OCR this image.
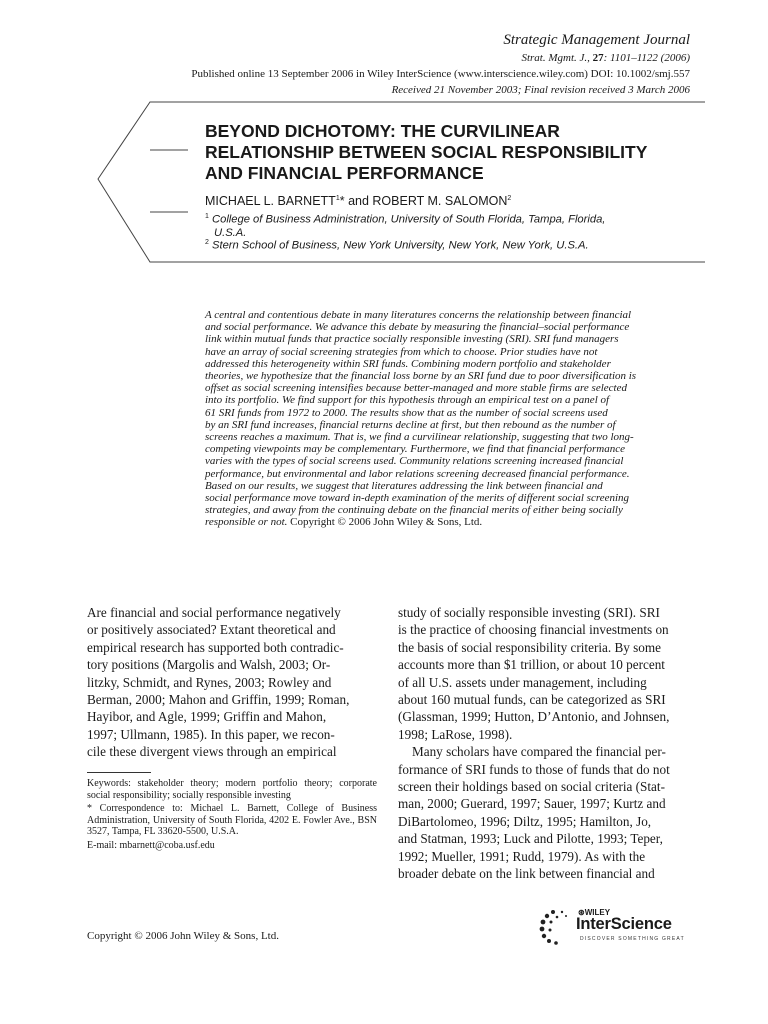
Strategic Management Journal
Strat. Mgmt. J., 27: 1101–1122 (2006)
Published online 13 September 2006 in Wiley InterScience (www.interscience.wiley.com) DOI: 10.1002/smj.557
Received 21 November 2003; Final revision received 3 March 2006
BEYOND DICHOTOMY: THE CURVILINEAR
RELATIONSHIP BETWEEN SOCIAL RESPONSIBILITY
AND FINANCIAL PERFORMANCE
MICHAEL L. BARNETT$^1$* and ROBERT M. SALOMON$^2$
$^1$ College of Business Administration, University of South Florida, Tampa, Florida,
U.S.A.
$^2$ Stern School of Business, New York University, New York, New York, U.S.A.
A central and contentious debate in many literatures concerns the relationship between financial
and social performance. We advance this debate by measuring the financial–social performance
link within mutual funds that practice socially responsible investing (SRI). SRI fund managers
have an array of social screening strategies from which to choose. Prior studies have not
addressed this heterogeneity within SRI funds. Combining modern portfolio and stakeholder
theories, we hypothesize that the financial loss borne by an SRI fund due to poor diversification is
offset as social screening intensifies because better-managed and more stable firms are selected
into its portfolio. We find support for this hypothesis through an empirical test on a panel of
61 SRI funds from 1972 to 2000. The results show that as the number of social screens used
by an SRI fund increases, financial returns decline at first, but then rebound as the number of
screens reaches a maximum. That is, we find a curvilinear relationship, suggesting that two long-
competing viewpoints may be complementary. Furthermore, we find that financial performance
varies with the types of social screens used. Community relations screening increased financial
performance, but environmental and labor relations screening decreased financial performance.
Based on our results, we suggest that literatures addressing the link between financial and
social performance move toward in-depth examination of the merits of different social screening
strategies, and away from the continuing debate on the financial merits of either being socially
responsible or not. Copyright © 2006 John Wiley & Sons, Ltd.
Are financial and social performance negatively
or positively associated? Extant theoretical and
empirical research has supported both contradic-
tory positions (Margolis and Walsh, 2003; Or-
litzky, Schmidt, and Rynes, 2003; Rowley and
Berman, 2000; Mahon and Griffin, 1999; Roman,
Hayibor, and Agle, 1999; Griffin and Mahon,
1997; Ullmann, 1985). In this paper, we recon-
cile these divergent views through an empirical

Keywords: stakeholder theory; modern portfolio theory; corporate social responsibility; socially responsible investing

* Correspondence to: Michael L. Barnett, College of Business Administration, University of South Florida, 4202 E. Fowler Ave., BSN 3527, Tampa, FL 33620-5500, U.S.A.

E-mail: mbarnett@coba.usf.edu

study of socially responsible investing (SRI). SRI
is the practice of choosing financial investments on
the basis of social responsibility criteria. By some
accounts more than $1 trillion, or about 10 percent
of all U.S. assets under management, including
about 160 mutual funds, can be categorized as SRI
(Glassman, 1999; Hutton, D’Antonio, and Johnsen,
1998; LaRose, 1998).

Many scholars have compared the financial per-
formance of SRI funds to those of funds that do not
screen their holdings based on social criteria (Stat-
man, 2000; Guerard, 1997; Sauer, 1997; Kurtz and
DiBartolomeo, 1996; Diltz, 1995; Hamilton, Jo,
and Statman, 1993; Luck and Pilotte, 1993; Teper,
1992; Mueller, 1991; Rudd, 1979). As with the
broader debate on the link between financial and

Copyright © 2006 John Wiley & Sons, Ltd.
⊛WILEY
InterScience
DISCOVER SOMETHING GREAT
